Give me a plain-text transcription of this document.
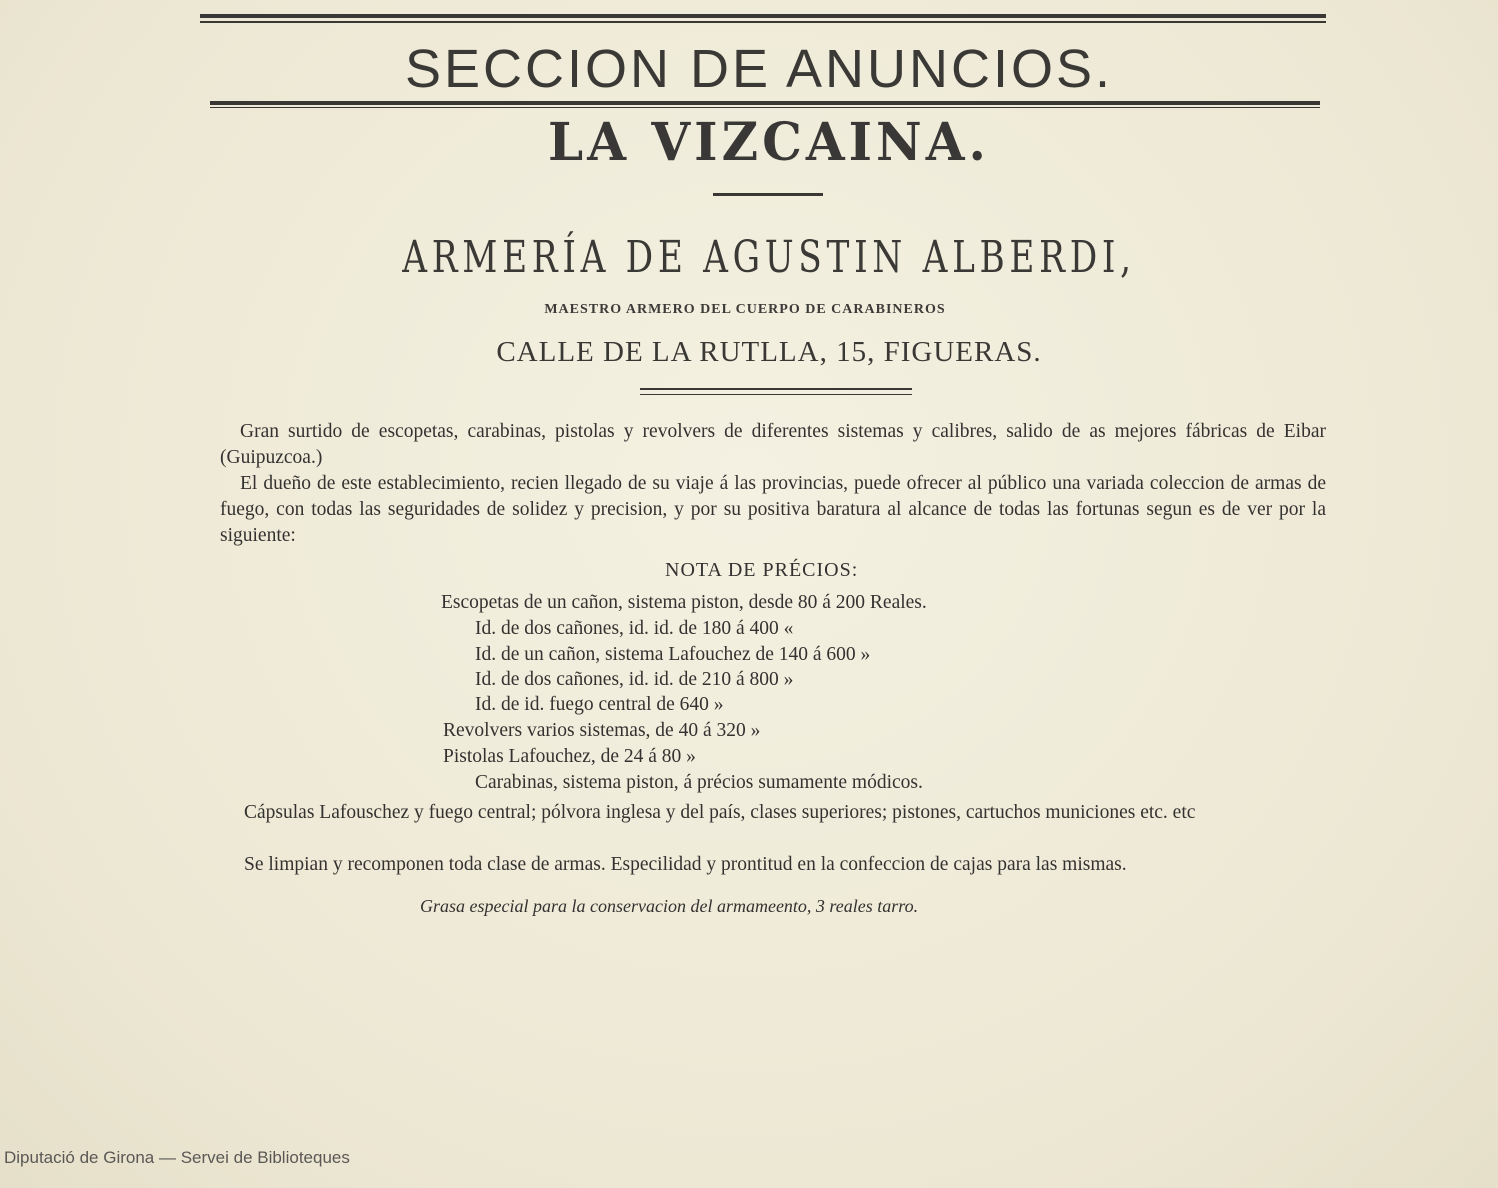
SECCION DE ANUNCIOS.
LA VIZCAINA.
ARMERÍA DE AGUSTIN ALBERDI,
MAESTRO ARMERO DEL CUERPO DE CARABINEROS
CALLE DE LA RUTLLA, 15, FIGUERAS.
Gran surtido de escopetas, carabinas, pistolas y revolvers de diferentes sistemas y calibres, salido de as mejores fábricas de Eibar (Guipuzcoa.)
El dueño de este establecimiento, recien llegado de su viaje á las provincias, puede ofrecer al público una variada coleccion de armas de fuego, con todas las seguridades de solidez y precision, y por su positiva baratura al alcance de todas las fortunas segun es de ver por la siguiente:
NOTA DE PRÉCIOS:
Escopetas de un cañon, sistema piston, desde 80 á 200 Reales.
Id. de dos cañones, id. id. de 180 á 400 «
Id. de un cañon, sistema Lafouchez de 140 á 600 »
Id. de dos cañones, id. id. de 210 á 800 »
Id. de id. fuego central de 640 »
Revolvers varios sistemas, de 40 á 320 »
Pistolas Lafouchez, de 24 á 80 »
Carabinas, sistema piston, á précios sumamente módicos.
Cápsulas Lafouschez y fuego central; pólvora inglesa y del país, clases superiores; pistones, cartuchos municiones etc. etc
Se limpian y recomponen toda clase de armas. Especilidad y prontitud en la confeccion de cajas para las mismas.
Grasa especial para la conservacion del armameento, 3 reales tarro.
Diputació de Girona — Servei de Biblioteques
